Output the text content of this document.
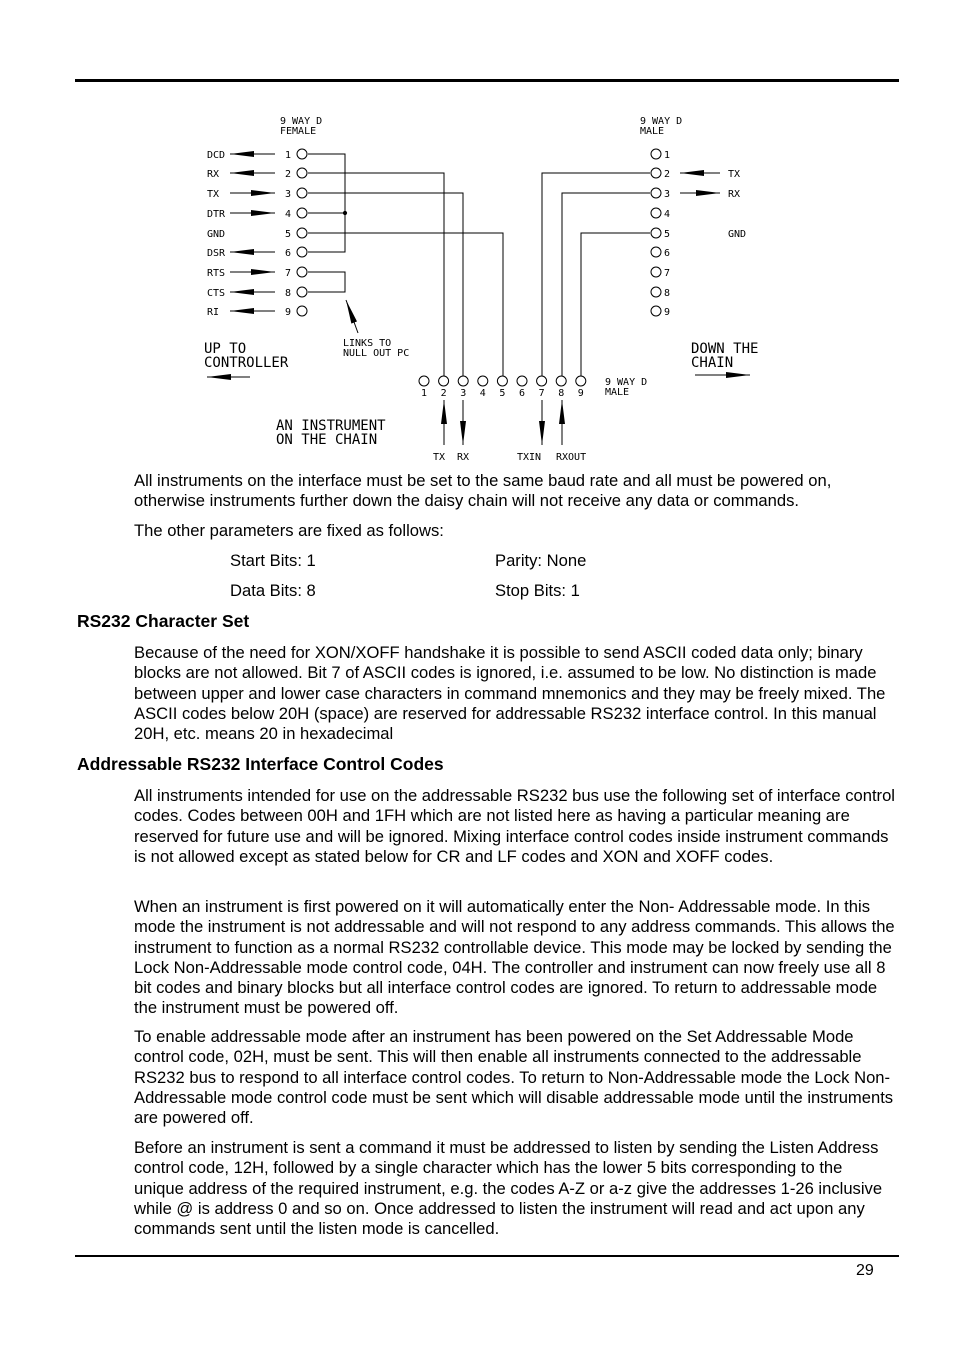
9 WAY D
FEMALE
9 WAY D
MALE
1
DCD
2
RX
3
TX
4
DTR
5
GND
6
DSR
7
RTS
8
CTS
9
RI
1
2
3
4
5
6
7
8
9
1 2 3 4 5 6 7 8 9
TX
RX
GND
LINKS TO
NULL OUT PC
UP TO
CONTROLLER
DOWN THE
CHAIN
9 WAY D
MALE
AN INSTRUMENT
ON THE CHAIN
TX RX	TXIN RXOUT

All instruments on the interface must be set to the same baud rate and all must be powered on, otherwise instruments further down the daisy chain will not receive any data or commands.

The other parameters are fixed as follows:

Start Bits: 1	Parity: None
Data Bits: 8	Stop Bits: 1
RS232 Character Set

Because of the need for XON/XOFF handshake it is possible to send ASCII coded data only; binary blocks are not allowed. Bit 7 of ASCII codes is ignored, i.e. assumed to be low. No distinction is made between upper and lower case characters in command mnemonics and they may be freely mixed. The ASCII codes below 20H (space) are reserved for addressable RS232 interface control. In this manual 20H, etc. means 20 in hexadecimal

Addressable RS232 Interface Control Codes

All instruments intended for use on the addressable RS232 bus use the following set of interface control codes. Codes between 00H and 1FH which are not listed here as having a particular meaning are reserved for future use and will be ignored. Mixing interface control codes inside instrument commands is not allowed except as stated below for CR and LF codes and XON and XOFF codes.

When an instrument is first powered on it will automatically enter the Non- Addressable mode. In this mode the instrument is not addressable and will not respond to any address commands. This allows the instrument to function as a normal RS232 controllable device. This mode may be locked by sending the Lock Non-Addressable mode control code, 04H. The controller and instrument can now freely use all 8 bit codes and binary blocks but all interface control codes are ignored. To return to addressable mode the instrument must be powered off.

To enable addressable mode after an instrument has been powered on the Set Addressable Mode control code, 02H, must be sent. This will then enable all instruments connected to the addressable RS232 bus to respond to all interface control codes. To return to Non-Addressable mode the Lock Non-Addressable mode control code must be sent which will disable addressable mode until the instruments are powered off.

Before an instrument is sent a command it must be addressed to listen by sending the Listen Address control code, 12H, followed by a single character which has the lower 5 bits corresponding to the unique address of the required instrument, e.g. the codes A-Z or a-z give the addresses 1-26 inclusive while @ is address 0 and so on. Once addressed to listen the instrument will read and act upon any commands sent until the listen mode is cancelled.

29
